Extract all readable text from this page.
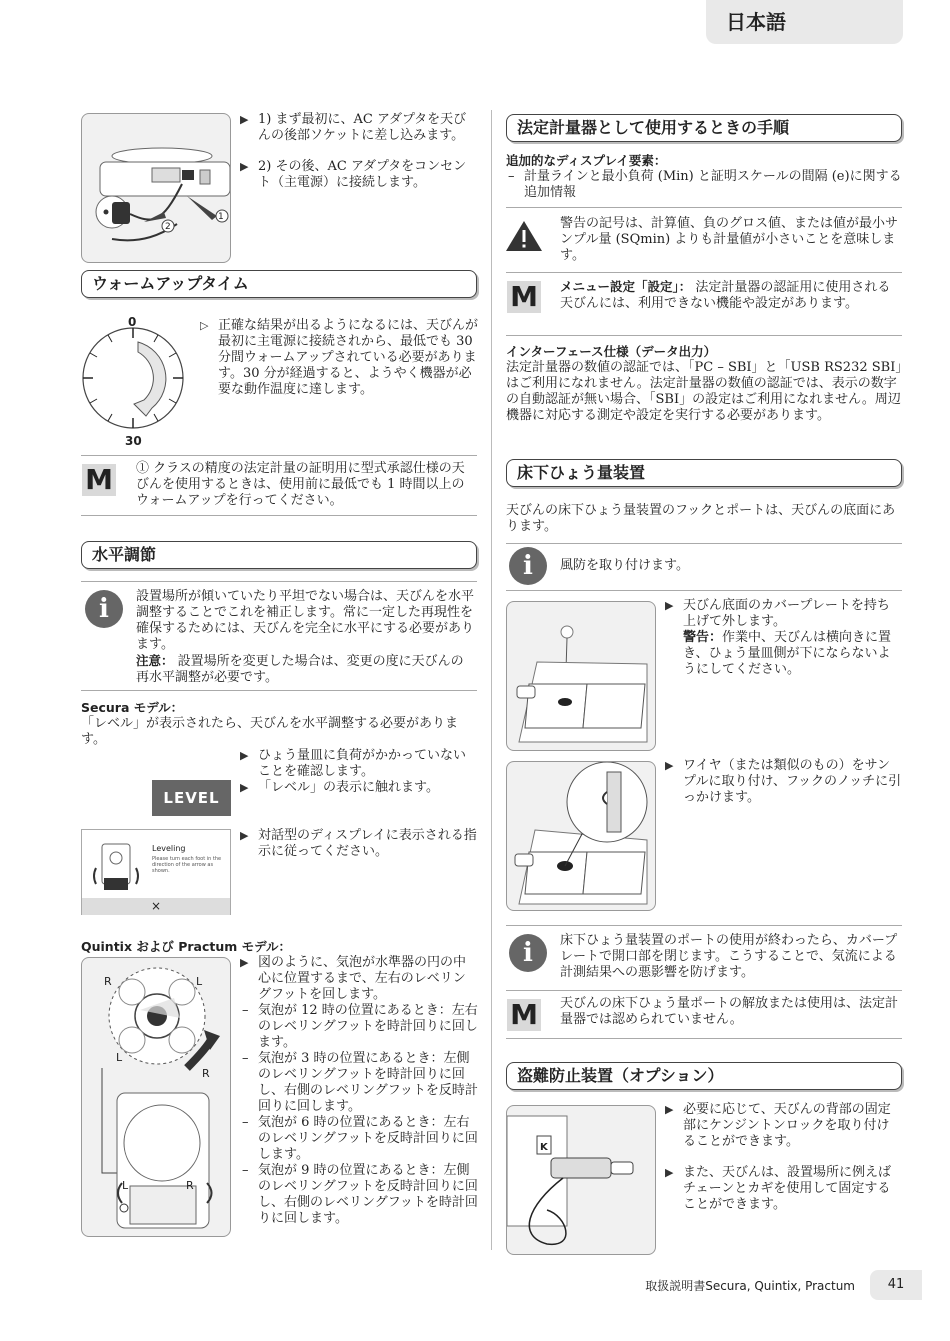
日本語
1
2
▶ 1) まず最初に、AC アダプタを天びんの後部ソケットに差し込みます。
▶ 2) その後、AC アダプタをコンセント（主電源）に接続します。
ウォームアップタイム
0
30
▷ 正確な結果が出るようになるには、天びんが最初に主電源に接続されから、最低でも 30 分間ウォームアップされている必要があります。30 分が経過すると、ようやく機器が必要な動作温度に達します。
M ① クラスの精度の法定計量の証明用に型式承認仕様の天びんを使用するときは、使用前に最低でも 1 時間以上のウォームアップを行ってください。
水平調節
i	設置場所が傾いていたり平坦でない場合は、天びんを水平調整することでこれを補正します。常に一定した再現性を確保するためには、天びんを完全に水平にする必要があります。
注意： 設置場所を変更した場合は、変更の度に天びんの再水平調整が必要です。
Secura モデル：
「レベル」が表示されたら、天びんを水平調整する必要があります。
▶ ひょう量皿に負荷がかかっていないことを確認します。
▶ 「レベル」の表示に触れます。
LEVEL
Leveling
Please turn each foot in the direction of the arrow as shown.
×
▶ 対話型のディスプレイに表示される指示に従ってください。
Quintix および Practum モデル：
R	L
L
R
L	R
▶ 図のように、気泡が水準器の円の中心に位置するまで、左右のレベリングフットを回します。
– 気泡が 12 時の位置にあるとき：左右のレベリングフットを時計回りに回します。
– 気泡が 3 時の位置にあるとき：左側のレベリングフットを時計回りに回し、右側のレベリングフットを反時計回りに回します。
– 気泡が 6 時の位置にあるとき：左右のレベリングフットを反時計回りに回します。
– 気泡が 9 時の位置にあるとき：左側のレベリングフットを反時計回りに回し、右側のレベリングフットを時計回りに回します。
法定計量器として使用するときの手順
追加的なディスプレイ要素：
– 計量ラインと最小負荷 (Min) と証明スケールの間隔 (e)に関する追加情報
警告の記号は、計算値、負のグロス値、または値が最小サンプル量 (SQmin) よりも計量値が小さいことを意味します。
M メニュー設定「設定」： 法定計量器の認証用に使用される天びんには、利用できない機能や設定があります。
インターフェース仕様（データ出力）
法定計量器の数値の認証では、「PC – SBI」と「USB RS232 SBI」はご利用になれません。法定計量器の数値の認証では、表示の数字の自動認証が無い場合、「SBI」の設定はご利用になれません。周辺機器に対応する測定や設定を実行する必要があります。
床下ひょう量装置
天びんの床下ひょう量装置のフックとポートは、天びんの底面にあります。
i	風防を取り付けます。
▶ 天びん底面のカバープレートを持ち上げて外します。
警告：作業中、天びんは横向きに置き、ひょう量皿側が下にならないようにしてください。
▶ ワイヤ（または類似のもの）をサンプルに取り付け、フックのノッチに引っかけます。
i	床下ひょう量装置のポートの使用が終わったら、カバープレートで開口部を閉じます。こうすることで、気流による計測結果への悪影響を防げます。
M 天びんの床下ひょう量ポートの解放または使用は、法定計量器では認められていません。
盗難防止装置（オプション）
K
▶ 必要に応じて、天びんの背部の固定部にケンジントンロックを取り付けることができます。
▶ また、天びんは、設置場所に例えばチェーンとカギを使用して固定することができます。
取扱説明書Secura, Quintix, Practum	41
